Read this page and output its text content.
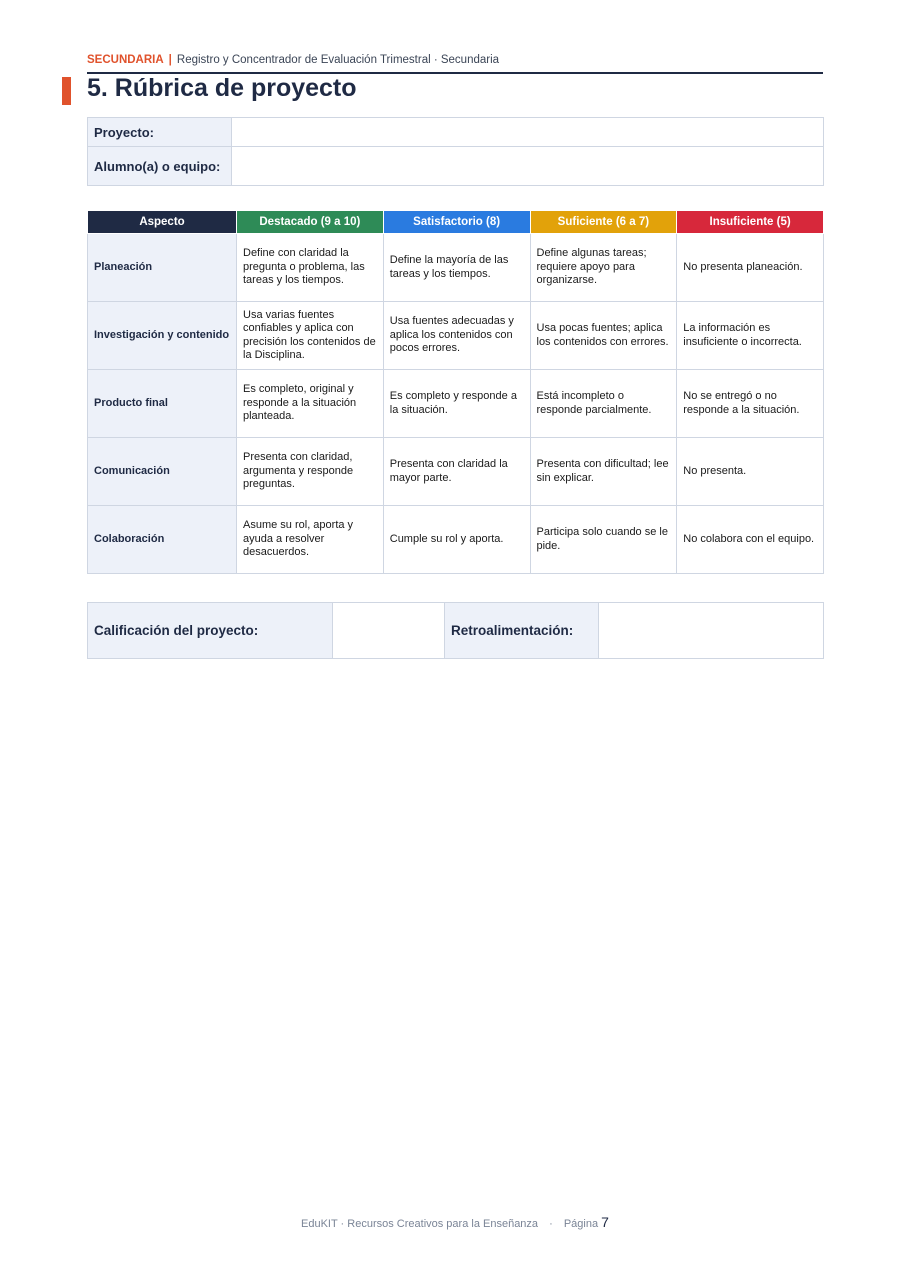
SECUNDARIA | Registro y Concentrador de Evaluación Trimestral · Secundaria
5. Rúbrica de proyecto
Proyecto:	
Alumno(a) o equipo:	
Aspecto	Destacado (9 a 10)	Satisfactorio (8)	Suficiente (6 a 7)	Insuficiente (5)
Planeación	Define con claridad la pregunta o problema, las tareas y los tiempos.	Define la mayoría de las tareas y los tiempos.	Define algunas tareas; requiere apoyo para organizarse.	No presenta planeación.
Investigación y contenido	Usa varias fuentes confiables y aplica con precisión los contenidos de la Disciplina.	Usa fuentes adecuadas y aplica los contenidos con pocos errores.	Usa pocas fuentes; aplica los contenidos con errores.	La información es insuficiente o incorrecta.
Producto final	Es completo, original y responde a la situación planteada.	Es completo y responde a la situación.	Está incompleto o responde parcialmente.	No se entregó o no responde a la situación.
Comunicación	Presenta con claridad, argumenta y responde preguntas.	Presenta con claridad la mayor parte.	Presenta con dificultad; lee sin explicar.	No presenta.
Colaboración	Asume su rol, aporta y ayuda a resolver desacuerdos.	Cumple su rol y aporta.	Participa solo cuando se le pide.	No colabora con el equipo.
Calificación del proyecto:		Retroalimentación:	
EduKIT · Recursos Creativos para la Enseñanza · Página 7
